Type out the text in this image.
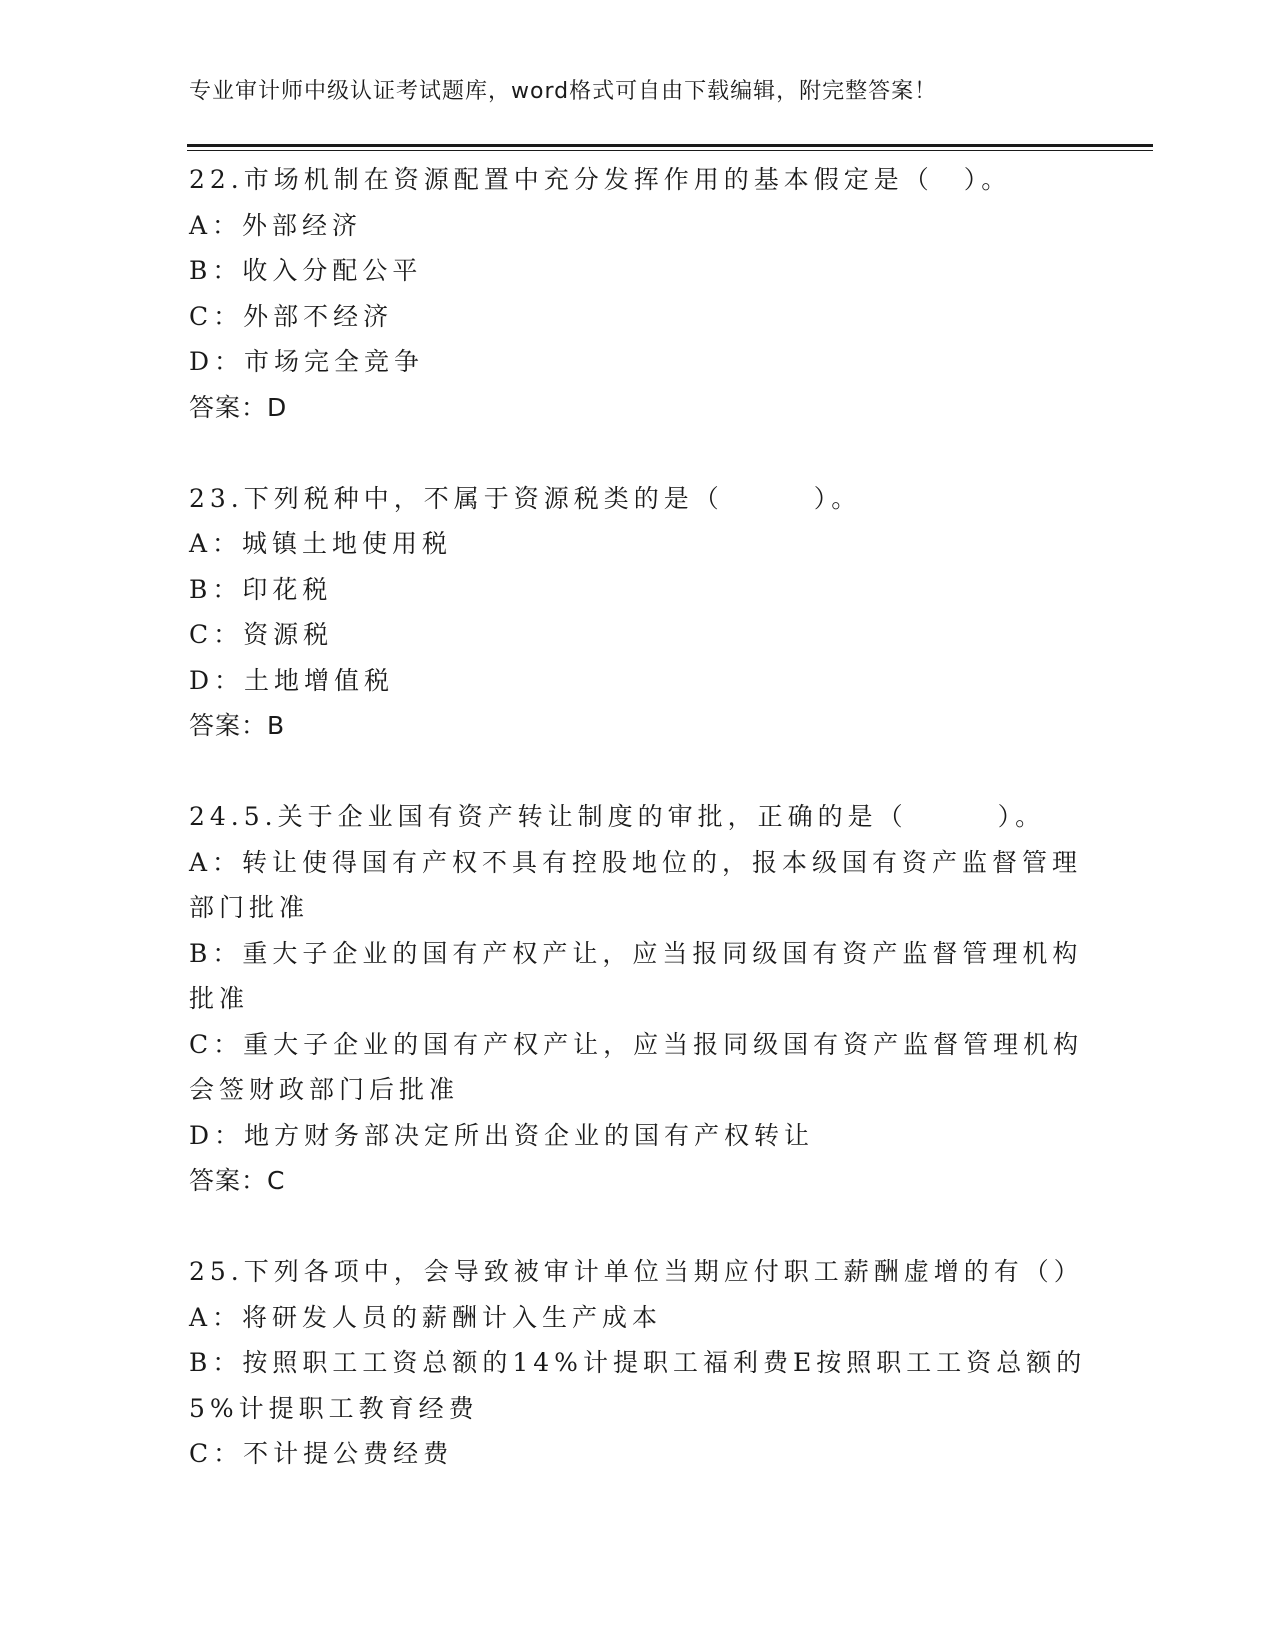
专业审计师中级认证考试题库，word格式可自由下载编辑，附完整答案！
22.市场机制在资源配置中充分发挥作用的基本假定是（　）。
A：外部经济
B：收入分配公平
C：外部不经济
D：市场完全竞争
答案：D
23.下列税种中，不属于资源税类的是（　　　）。
A：城镇土地使用税
B：印花税
C：资源税
D：土地增值税
答案：B
24.5.关于企业国有资产转让制度的审批，正确的是（　　　）。
A：转让使得国有产权不具有控股地位的，报本级国有资产监督管理部门批准
B：重大子企业的国有产权产让，应当报同级国有资产监督管理机构批准
C：重大子企业的国有产权产让，应当报同级国有资产监督管理机构会签财政部门后批准
D：地方财务部决定所出资企业的国有产权转让
答案：C
25.下列各项中，会导致被审计单位当期应付职工薪酬虚增的有（）
A：将研发人员的薪酬计入生产成本
B：按照职工工资总额的14%计提职工福利费E按照职工工资总额的5%计提职工教育经费
C：不计提公费经费
